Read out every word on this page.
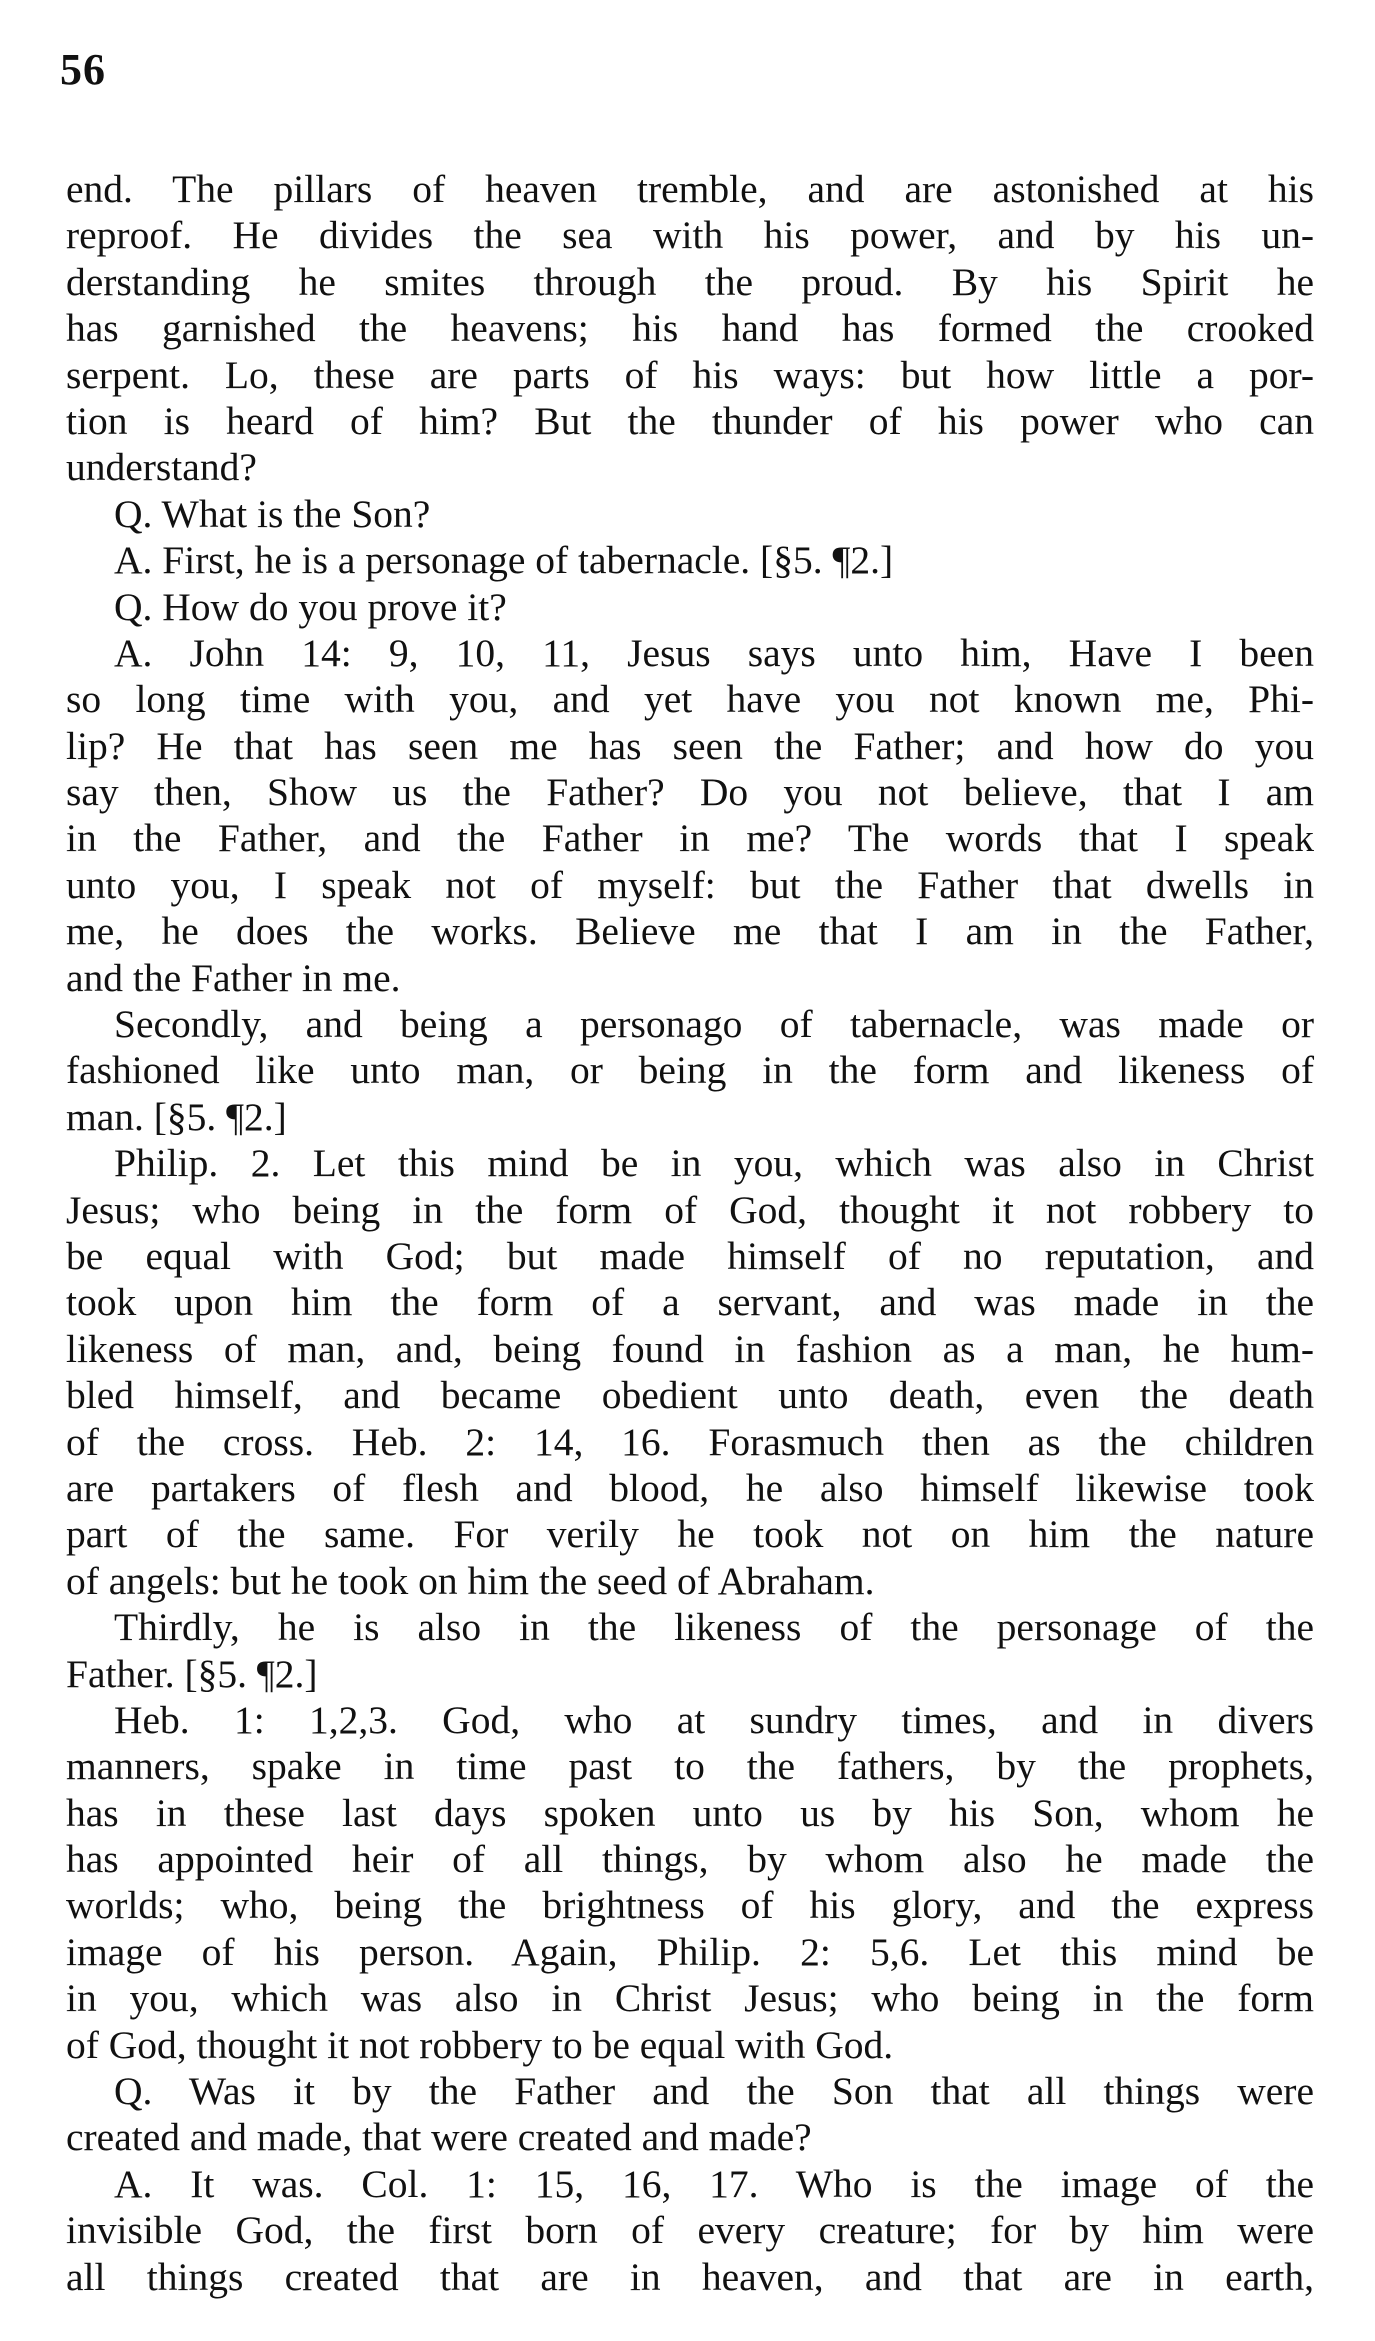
56
end. The pillars of heaven tremble, and are astonished at his
reproof. He divides the sea with his power, and by his un-
derstanding he smites through the proud. By his Spirit he
has garnished the heavens; his hand has formed the crooked
serpent. Lo, these are parts of his ways: but how little a por-
tion is heard of him? But the thunder of his power who can
understand?
Q. What is the Son?
A. First, he is a personage of tabernacle. [§5. ¶2.]
Q. How do you prove it?
A. John 14: 9, 10, 11, Jesus says unto him, Have I been
so long time with you, and yet have you not known me, Phi-
lip? He that has seen me has seen the Father; and how do you
say then, Show us the Father? Do you not believe, that I am
in the Father, and the Father in me? The words that I speak
unto you, I speak not of myself: but the Father that dwells in
me, he does the works. Believe me that I am in the Father,
and the Father in me.
Secondly, and being a personago of tabernacle, was made or
fashioned like unto man, or being in the form and likeness of
man. [§5. ¶2.]
Philip. 2. Let this mind be in you, which was also in Christ
Jesus; who being in the form of God, thought it not robbery to
be equal with God; but made himself of no reputation, and
took upon him the form of a servant, and was made in the
likeness of man, and, being found in fashion as a man, he hum-
bled himself, and became obedient unto death, even the death
of the cross. Heb. 2: 14, 16. Forasmuch then as the children
are partakers of flesh and blood, he also himself likewise took
part of the same. For verily he took not on him the nature
of angels: but he took on him the seed of Abraham.
Thirdly, he is also in the likeness of the personage of the
Father. [§5. ¶2.]
Heb. 1: 1,2,3. God, who at sundry times, and in divers
manners, spake in time past to the fathers, by the prophets,
has in these last days spoken unto us by his Son, whom he
has appointed heir of all things, by whom also he made the
worlds; who, being the brightness of his glory, and the express
image of his person. Again, Philip. 2: 5,6. Let this mind be
in you, which was also in Christ Jesus; who being in the form
of God, thought it not robbery to be equal with God.
Q. Was it by the Father and the Son that all things were
created and made, that were created and made?
A. It was. Col. 1: 15, 16, 17. Who is the image of the
invisible God, the first born of every creature; for by him were
all things created that are in heaven, and that are in earth,
